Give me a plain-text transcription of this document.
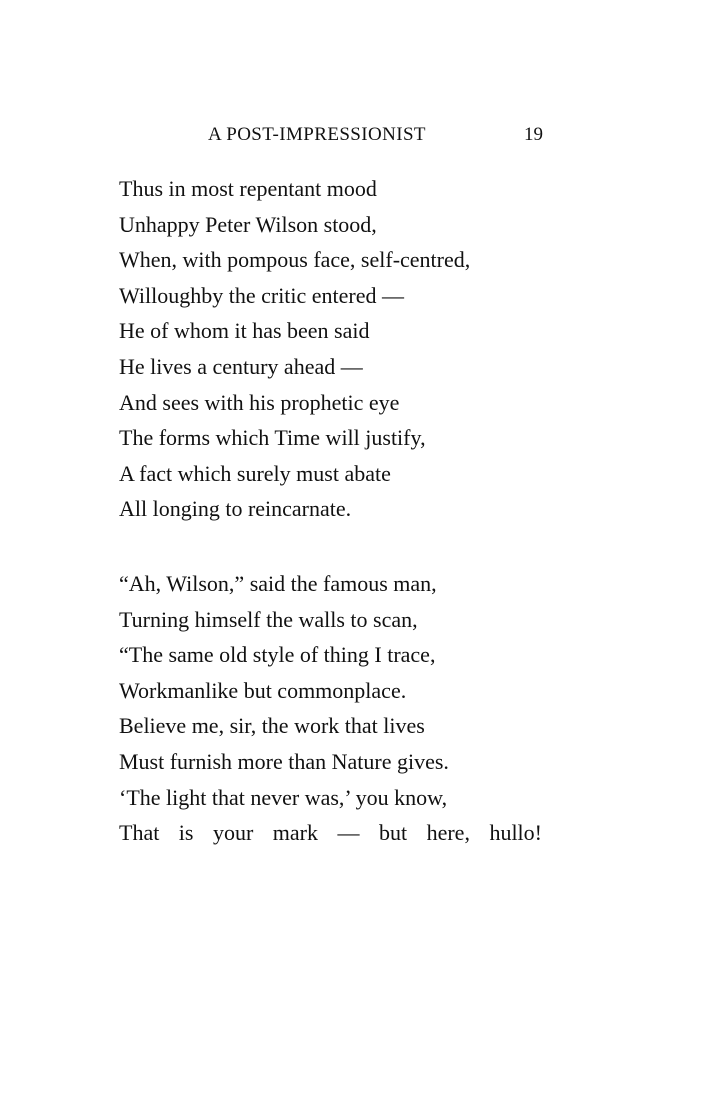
A POST-IMPRESSIONIST	19
Thus in most repentant mood
Unhappy Peter Wilson stood,
When, with pompous face, self-centred,
Willoughby the critic entered —
He of whom it has been said
He lives a century ahead —
And sees with his prophetic eye
The forms which Time will justify,
A fact which surely must abate
All longing to reincarnate.
“Ah, Wilson,” said the famous man,
Turning himself the walls to scan,
“The same old style of thing I trace,
Workmanlike but commonplace.
Believe me, sir, the work that lives
Must furnish more than Nature gives.
‘The light that never was,’ you know,
That is your mark — but here, hullo!
